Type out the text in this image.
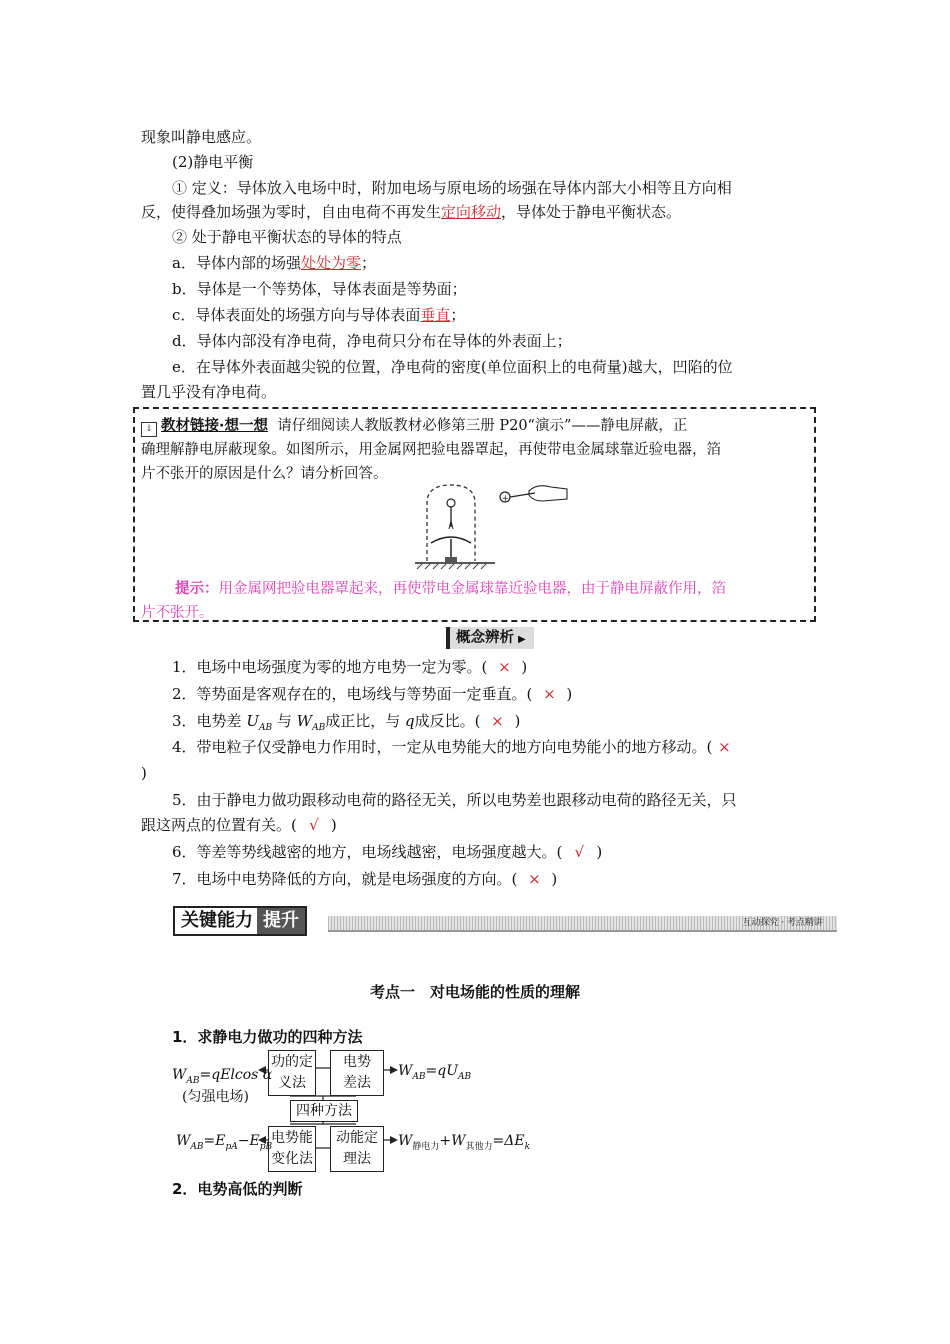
现象叫静电感应。
(2)静电平衡
① 定义：导体放入电场中时，附加电场与原电场的场强在导体内部大小相等且方向相
反，使得叠加场强为零时，自由电荷不再发生定向移动，导体处于静电平衡状态。
② 处于静电平衡状态的导体的特点
a．导体内部的场强处处为零；
b．导体是一个等势体，导体表面是等势面；
c．导体表面处的场强方向与导体表面垂直；
d．导体内部没有净电荷，净电荷只分布在导体的外表面上；
e．在导体外表面越尖锐的位置，净电荷的密度(单位面积上的电荷量)越大，凹陷的位
置几乎没有净电荷。
↓ 教材链接·想一想 请仔细阅读人教版教材必修第三册 P20“演示”——静电屏蔽，正
确理解静电屏蔽现象。如图所示，用金属网把验电器罩起，再使带电金属球靠近验电器，箔
片不张开的原因是什么？请分析回答。
+
提示：用金属网把验电器罩起来，再使带电金属球靠近验电器，由于静电屏蔽作用，箔
片不张开。
概念辨析 ▶
1．电场中电场强度为零的地方电势一定为零。( × )
2．等势面是客观存在的，电场线与等势面一定垂直。( × )
3．电势差 $U_{AB}$ 与 $W_{AB}$成正比，与 q成反比。( × )
4．带电粒子仅受静电力作用时，一定从电势能大的地方向电势能小的地方移动。( ×
)
5．由于静电力做功跟移动电荷的路径无关，所以电势差也跟移动电荷的路径无关，只
跟这两点的位置有关。( √ )
6．等差等势线越密的地方，电场线越密，电场强度越大。( √ )
7．电场中电势降低的方向，就是电场强度的方向。( × )
关键能力 提升	互动探究 · 考点精讲
考点一　对电场能的性质的理解
1．求静电力做功的四种方法
功的定义法
电势差法
四种方法
电势能变化法
动能定理法
$W_{AB}=qElcos$ α
(匀强电场)
$W_{AB}=qU_{AB}$
$W_{AB}=E_{pA}-E_{pB}$	$W_{静电力}+W_{其他力}=\Delta E_k$
2．电势高低的判断
